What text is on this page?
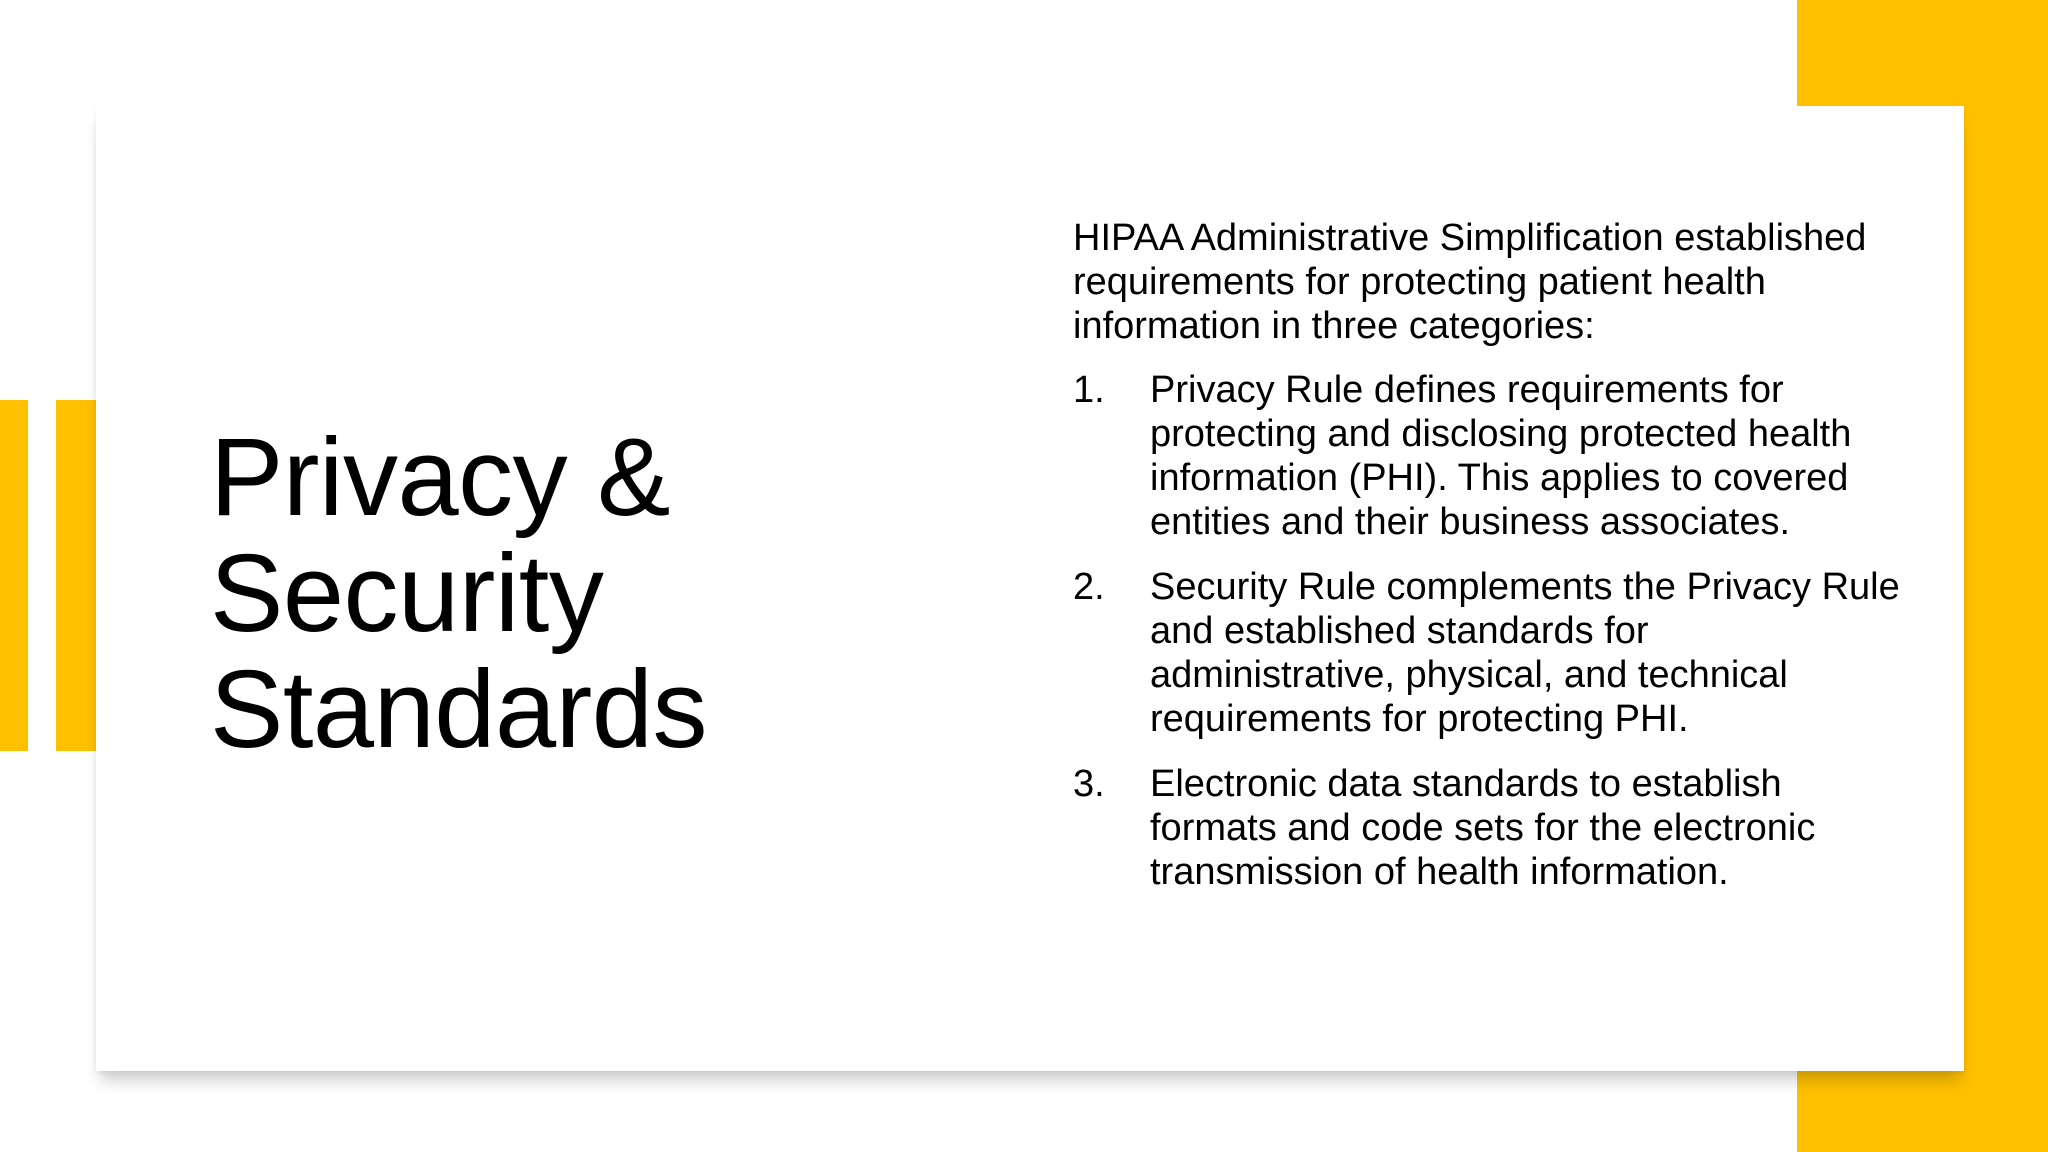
Privacy & Security Standards

HIPAA Administrative Simplification established requirements for protecting patient health information in three categories:

1.	Privacy Rule defines requirements for protecting and disclosing protected health information (PHI). This applies to covered entities and their business associates.
2.	Security Rule complements the Privacy Rule and established standards for administrative, physical, and technical requirements for protecting PHI.
3.	Electronic data standards to establish formats and code sets for the electronic transmission of health information.
